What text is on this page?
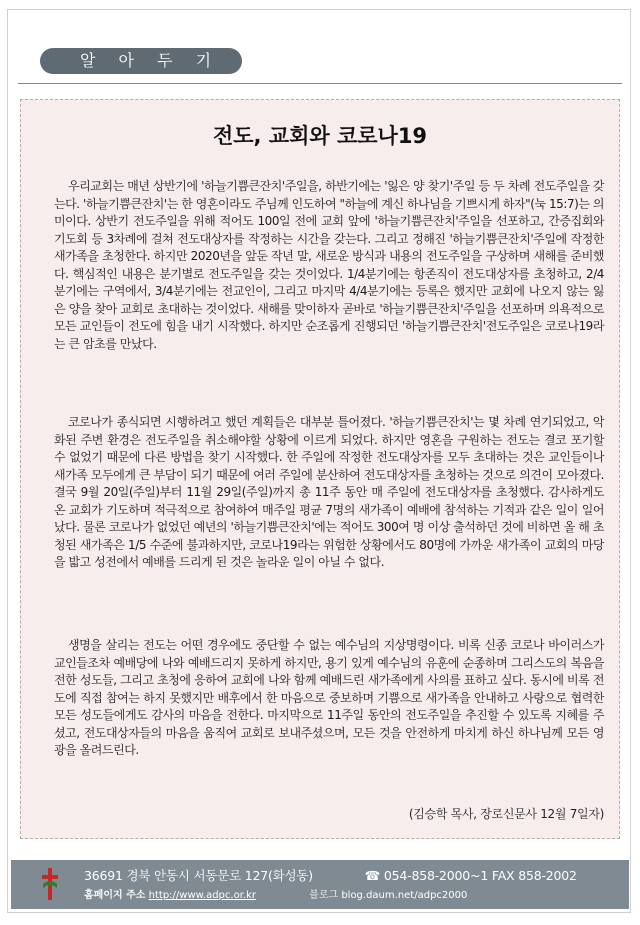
알 아 두 기
전도, 교회와 코로나19

우리교회는 매년 상반기에 '하늘기쁨큰잔치'주일을, 하반기에는 '잃은 양 찾기'주일 등 두 차례 전도주일을 갖는다. '하늘기쁨큰잔치'는 한 영혼이라도 주님께 인도하여 "하늘에 계신 하나님을 기쁘시게 하자"(눅 15:7)는 의미이다. 상반기 전도주일을 위해 적어도 100일 전에 교회 앞에 '하늘기쁨큰잔치'주일을 선포하고, 간증집회와 기도회 등 3차례에 걸쳐 전도대상자를 작정하는 시간을 갖는다. 그리고 정해진 '하늘기쁨큰잔치'주일에 작정한 새가족을 초청한다. 하지만 2020년을 앞둔 작년 말, 새로운 방식과 내용의 전도주일을 구상하며 새해를 준비했다. 핵심적인 내용은 분기별로 전도주일을 갖는 것이었다. 1/4분기에는 항존직이 전도대상자를 초청하고, 2/4분기에는 구역에서, 3/4분기에는 전교인이, 그리고 마지막 4/4분기에는 등록은 했지만 교회에 나오지 않는 잃은 양을 찾아 교회로 초대하는 것이었다. 새해를 맞이하자 곧바로 '하늘기쁨큰잔치'주일을 선포하며 의욕적으로 모든 교인들이 전도에 힘을 내기 시작했다. 하지만 순조롭게 진행되던 '하늘기쁨큰잔치'전도주일은 코로나19라는 큰 암초를 만났다.

코로나가 종식되면 시행하려고 했던 계획들은 대부분 틀어졌다. '하늘기쁨큰잔치'는 몇 차례 연기되었고, 악화된 주변 환경은 전도주일을 취소해야할 상황에 이르게 되었다. 하지만 영혼을 구원하는 전도는 결코 포기할 수 없었기 때문에 다른 방법을 찾기 시작했다. 한 주일에 작정한 전도대상자를 모두 초대하는 것은 교인들이나 새가족 모두에게 큰 부담이 되기 때문에 여러 주일에 분산하여 전도대상자를 초청하는 것으로 의견이 모아졌다. 결국 9월 20일(주일)부터 11월 29일(주일)까지 총 11주 동안 매 주일에 전도대상자를 초청했다. 감사하게도 온 교회가 기도하며 적극적으로 참여하여 매주일 평균 7명의 새가족이 예배에 참석하는 기적과 같은 일이 일어났다. 물론 코로나가 없었던 예년의 '하늘기쁨큰잔치'에는 적어도 300여 명 이상 출석하던 것에 비하면 올 해 초청된 새가족은 1/5 수준에 불과하지만, 코로나19라는 위험한 상황에서도 80명에 가까운 새가족이 교회의 마당을 밟고 성전에서 예배를 드리게 된 것은 놀라운 일이 아닐 수 없다.

생명을 살리는 전도는 어떤 경우에도 중단할 수 없는 예수님의 지상명령이다. 비록 신종 코로나 바이러스가 교인들조차 예배당에 나와 예배드리지 못하게 하지만, 용기 있게 예수님의 유훈에 순종하며 그리스도의 복음을 전한 성도들, 그리고 초청에 응하여 교회에 나와 함께 예배드린 새가족에게 사의를 표하고 싶다. 동시에 비록 전도에 직접 참여는 하지 못했지만 배후에서 한 마음으로 중보하며 기쁨으로 새가족을 안내하고 사랑으로 협력한 모든 성도들에게도 감사의 마음을 전한다. 마지막으로 11주일 동안의 전도주일을 추진할 수 있도록 지혜를 주셨고, 전도대상자들의 마음을 움직여 교회로 보내주셨으며, 모든 것을 안전하게 마치게 하신 하나님께 모든 영광을 올려드린다.

(김승학 목사, 장로신문사 12월 7일자)
36691 경북 안동시 서동문로 127(화성동)	☎ 054-858-2000~1 FAX 858-2002
홈페이지 주소 http://www.adpc.or.kr	블로그 blog.daum.net/adpc2000
